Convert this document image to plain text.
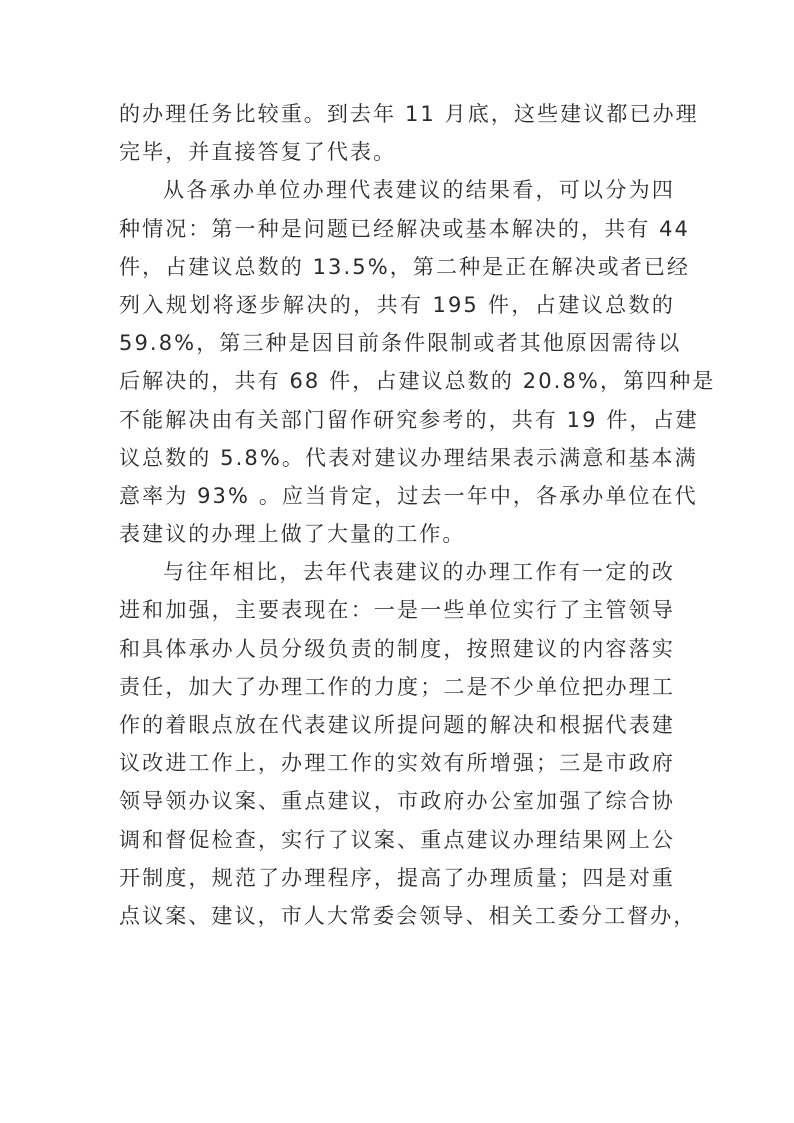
的办理任务比较重。到去年 11 月底，这些建议都已办理
完毕，并直接答复了代表。
从各承办单位办理代表建议的结果看，可以分为四
种情况：第一种是问题已经解决或基本解决的，共有 44
件，占建议总数的 13.5%，第二种是正在解决或者已经
列入规划将逐步解决的，共有 195 件，占建议总数的
59.8%，第三种是因目前条件限制或者其他原因需待以
后解决的，共有 68 件，占建议总数的 20.8%，第四种是
不能解决由有关部门留作研究参考的，共有 19 件，占建
议总数的 5.8%。代表对建议办理结果表示满意和基本满
意率为 93% 。应当肯定，过去一年中，各承办单位在代
表建议的办理上做了大量的工作。
与往年相比，去年代表建议的办理工作有一定的改
进和加强，主要表现在：一是一些单位实行了主管领导
和具体承办人员分级负责的制度，按照建议的内容落实
责任，加大了办理工作的力度；二是不少单位把办理工
作的着眼点放在代表建议所提问题的解决和根据代表建
议改进工作上，办理工作的实效有所增强；三是市政府
领导领办议案、重点建议，市政府办公室加强了综合协
调和督促检查，实行了议案、重点建议办理结果网上公
开制度，规范了办理程序，提高了办理质量；四是对重
点议案、建议，市人大常委会领导、相关工委分工督办，
